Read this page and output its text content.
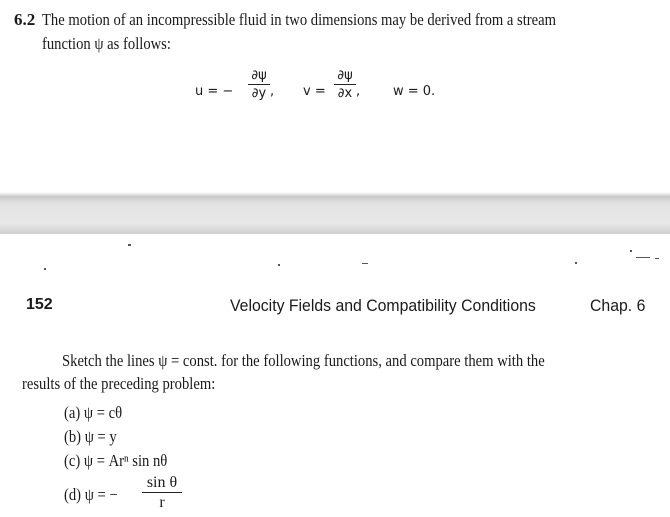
6.2 The motion of an incompressible fluid in two dimensions may be derived from a stream
function ψ as follows:
u = −
∂ψ
∂y , v =
∂ψ
∂x ,	w = 0.
152	Velocity Fields and Compatibility Conditions	Chap. 6
Sketch the lines ψ = const. for the following functions, and compare them with the
results of the preceding problem:
(a) ψ = cθ
(b) ψ = y
(c) ψ = Arⁿ sin nθ
(d) ψ = −
sin θ
r
